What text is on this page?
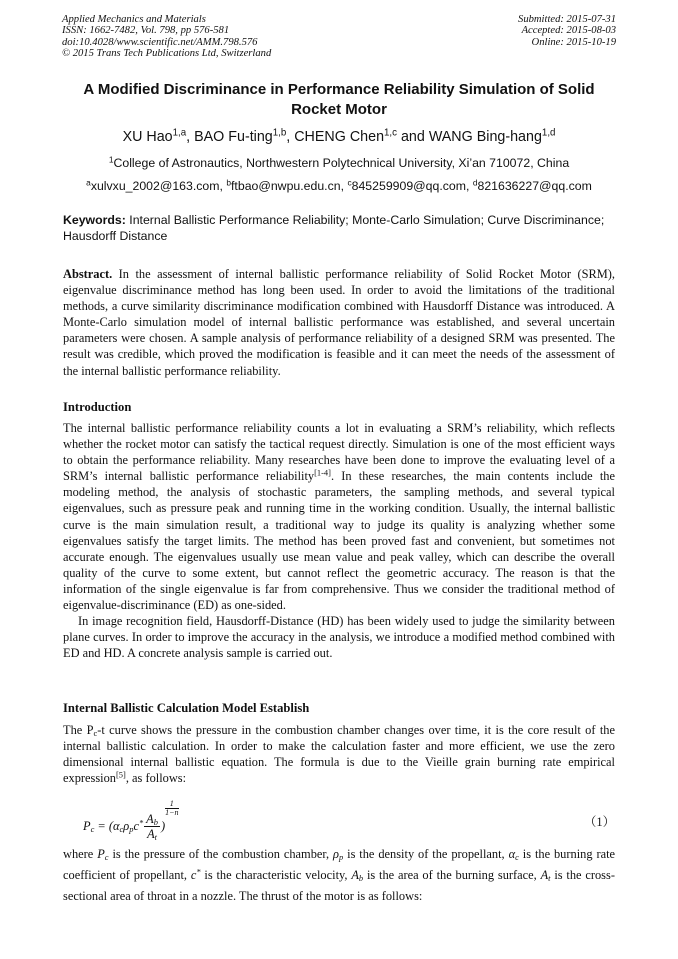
Applied Mechanics and Materials
ISSN: 1662-7482, Vol. 798, pp 576-581
doi:10.4028/www.scientific.net/AMM.798.576
© 2015 Trans Tech Publications Ltd, Switzerland
Submitted: 2015-07-31
Accepted: 2015-08-03
Online: 2015-10-19
A Modified Discriminance in Performance Reliability Simulation of Solid Rocket Motor
XU Hao$^{1,a}$, BAO Fu-ting$^{1,b}$, CHENG Chen$^{1,c}$ and WANG Bing-hang$^{1,d}$
$^1$College of Astronautics, Northwestern Polytechnical University, Xi’an 710072, China
$^a$xulvxu_2002@163.com, $^b$ftbao@nwpu.edu.cn, $^c$845259909@qq.com, $^d$821636227@qq.com
Keywords: Internal Ballistic Performance Reliability; Monte-Carlo Simulation; Curve Discriminance; Hausdorff Distance
Abstract. In the assessment of internal ballistic performance reliability of Solid Rocket Motor (SRM), eigenvalue discriminance method has long been used. In order to avoid the limitations of the traditional methods, a curve similarity discriminance modification combined with Hausdorff Distance was introduced. A Monte-Carlo simulation model of internal ballistic performance was established, and several uncertain parameters were chosen. A sample analysis of performance reliability of a designed SRM was presented. The result was credible, which proved the modification is feasible and it can meet the needs of the assessment of the internal ballistic performance reliability.
Introduction

The internal ballistic performance reliability counts a lot in evaluating a SRM’s reliability, which reflects whether the rocket motor can satisfy the tactical request directly. Simulation is one of the most efficient ways to obtain the performance reliability. Many researches have been done to improve the evaluating level of a SRM’s internal ballistic performance reliability[1-4]. In these researches, the main contents include the modeling method, the analysis of stochastic parameters, the sampling methods, and several typical eigenvalues, such as pressure peak and running time in the working condition. Usually, the internal ballistic curve is the main simulation result, a traditional way to judge its quality is analyzing whether some eigenvalues satisfy the target limits. The method has been proved fast and convenient, but sometimes not accurate enough. The eigenvalues usually use mean value and peak valley, which can describe the overall quality of the curve to some extent, but cannot reflect the geometric accuracy. The reason is that the information of the single eigenvalue is far from comprehensive. Thus we consider the traditional method of eigenvalue-discriminance (ED) as one-sided.

In image recognition field, Hausdorff-Distance (HD) has been widely used to judge the similarity between plane curves. In order to improve the accuracy in the analysis, we introduce a modified method combined with ED and HD. A concrete analysis sample is carried out.

Internal Ballistic Calculation Model Establish

The $P_c-t$ curve shows the pressure in the combustion chamber changes over time, it is the core result of the internal ballistic calculation. In order to make the calculation faster and more efficient, we use the zero dimensional internal ballistic equation. The formula is due to the Vieille grain burning rate empirical expression[5], as follows:

$P_c = (\alpha_c\rho_pc^* \frac{A_b}{A_t}$ )
$\frac{1}{1-n}$
（1）
where $P_c$ is the pressure of the combustion chamber, $\rho_p$ is the density of the propellant, $\alpha_c$ is the burning rate coefficient of propellant, c* is the characteristic velocity, $A_b$ is the area of the burning surface, $A_t$ is the cross-sectional area of throat in a nozzle. The thrust of the motor is as follows:
